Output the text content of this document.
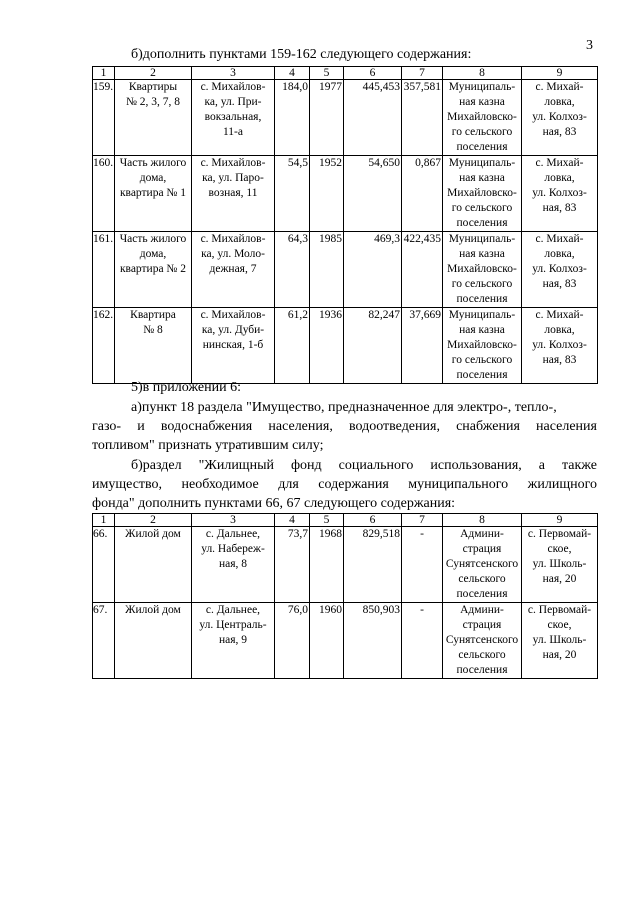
3
б)дополнить пунктами 159-162 следующего содержания:
1	2	3	4	5	6	7	8	9
159.	Квартиры
№ 2, 3, 7, 8	с. Михайлов-
ка, ул. При-
вокзальная,
11-а	184,0	1977	445,453	357,581	Муниципаль-
ная казна
Михайловско-
го сельского
поселения	с. Михай-
ловка,
ул. Колхоз-
ная, 83

160.	Часть жилого
дома,
квартира № 1	с. Михайлов-
ка, ул. Паро-
возная, 11	54,5	1952	54,650	0,867	Муниципаль-
ная казна
Михайловско-
го сельского
поселения	с. Михай-
ловка,
ул. Колхоз-
ная, 83

161.	Часть жилого
дома,
квартира № 2	с. Михайлов-
ка, ул. Моло-
дежная, 7	64,3	1985	469,3	422,435	Муниципаль-
ная казна
Михайловско-
го сельского
поселения	с. Михай-
ловка,
ул. Колхоз-
ная, 83

162.	Квартира
№ 8	с. Михайлов-
ка, ул. Дуби-
нинская, 1-б	61,2	1936	82,247	37,669	Муниципаль-
ная казна
Михайловско-
го сельского
поселения	с. Михай-
ловка,
ул. Колхоз-
ная, 83
5)в приложении 6:
а)пункт 18 раздела "Имущество, предназначенное для электро-, тепло-,
газо- и водоснабжения населения, водоотведения, снабжения населения
топливом" признать утратившим силу;
б)раздел "Жилищный фонд социального использования, а также
имущество, необходимое для содержания муниципального жилищного
фонда" дополнить пунктами 66, 67 следующего содержания:
1	2	3	4	5	6	7	8	9
66.	Жилой дом	с. Дальнее,
ул. Набереж-
ная, 8	73,7	1968	829,518	-	Админи-
страция
Сунятсенского
сельского
поселения	с. Первомай-
ское,
ул. Школь-
ная, 20

67.	Жилой дом	с. Дальнее,
ул. Централь-
ная, 9	76,0	1960	850,903	-	Админи-
страция
Сунятсенского
сельского
поселения	с. Первомай-
ское,
ул. Школь-
ная, 20
